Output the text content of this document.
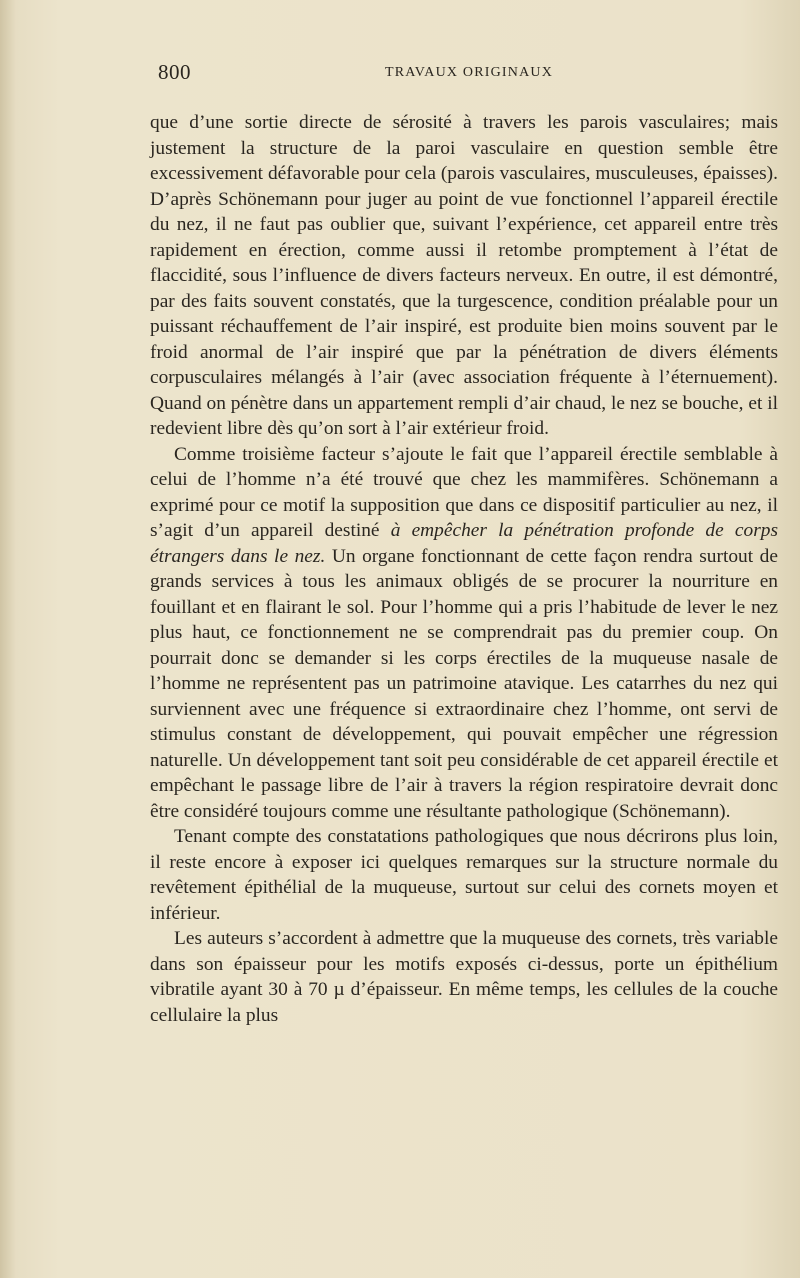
800	TRAVAUX ORIGINAUX

que d’une sortie directe de sérosité à travers les parois vasculaires; mais justement la structure de la paroi vasculaire en question semble être excessivement défavorable pour cela (parois vasculaires, musculeuses, épaisses). D’après Schönemann pour juger au point de vue fonctionnel l’appareil érectile du nez, il ne faut pas oublier que, suivant l’expérience, cet appareil entre très rapidement en érection, comme aussi il retombe promptement à l’état de flaccidité, sous l’influence de divers facteurs nerveux. En outre, il est démontré, par des faits souvent constatés, que la turgescence, condition préalable pour un puissant réchauffement de l’air inspiré, est produite bien moins souvent par le froid anormal de l’air inspiré que par la pénétration de divers éléments corpusculaires mélangés à l’air (avec association fréquente à l’éternuement). Quand on pénètre dans un appartement rempli d’air chaud, le nez se bouche, et il redevient libre dès qu’on sort à l’air extérieur froid.

Comme troisième facteur s’ajoute le fait que l’appareil érectile semblable à celui de l’homme n’a été trouvé que chez les mammifères. Schönemann a exprimé pour ce motif la supposition que dans ce dispositif particulier au nez, il s’agit d’un appareil destiné à empêcher la pénétration profonde de corps étrangers dans le nez. Un organe fonctionnant de cette façon rendra surtout de grands services à tous les animaux obligés de se procurer la nourriture en fouillant et en flairant le sol. Pour l’homme qui a pris l’habitude de lever le nez plus haut, ce fonctionnement ne se comprendrait pas du premier coup. On pourrait donc se demander si les corps érectiles de la muqueuse nasale de l’homme ne représentent pas un patrimoine atavique. Les catarrhes du nez qui surviennent avec une fréquence si extraordinaire chez l’homme, ont servi de stimulus constant de développement, qui pouvait empêcher une régression naturelle. Un développement tant soit peu considérable de cet appareil érectile et empêchant le passage libre de l’air à travers la région respiratoire devrait donc être considéré toujours comme une résultante pathologique (Schönemann).

Tenant compte des constatations pathologiques que nous décrirons plus loin, il reste encore à exposer ici quelques remarques sur la structure normale du revêtement épithélial de la muqueuse, surtout sur celui des cornets moyen et inférieur.

Les auteurs s’accordent à admettre que la muqueuse des cornets, très variable dans son épaisseur pour les motifs exposés ci-dessus, porte un épithélium vibratile ayant 30 à 70 µ d’épaisseur. En même temps, les cellules de la couche cellulaire la plus
